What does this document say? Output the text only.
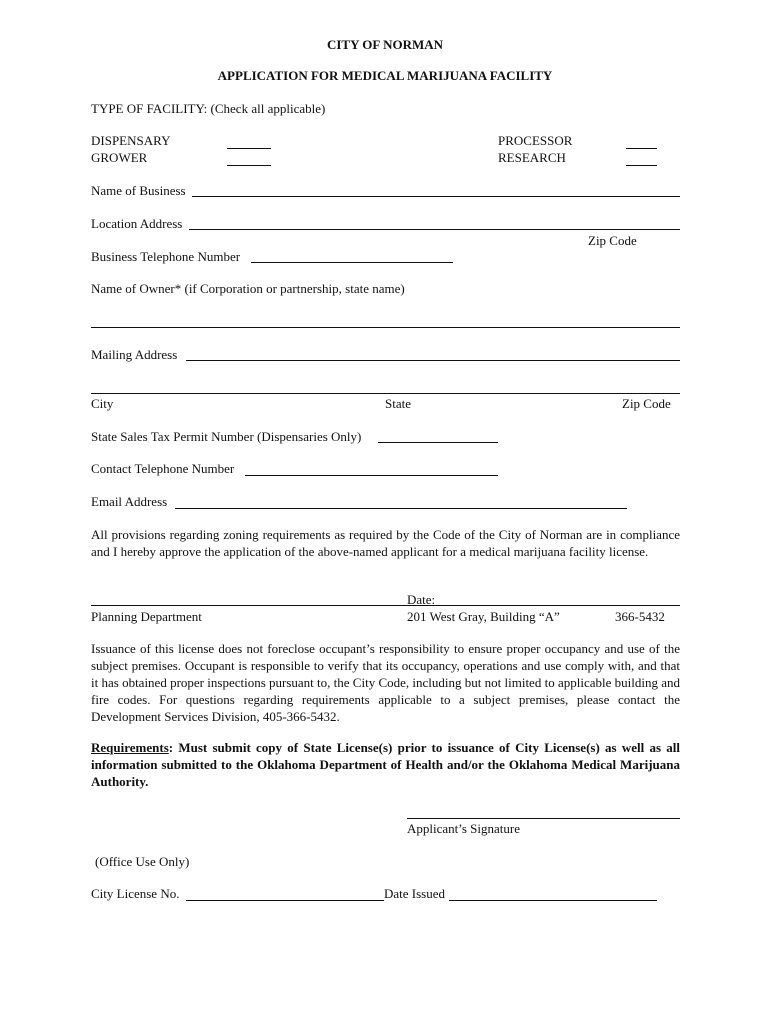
CITY OF NORMAN
APPLICATION FOR MEDICAL MARIJUANA FACILITY
TYPE OF FACILITY: (Check all applicable)
DISPENSARY
GROWER
PROCESSOR
RESEARCH
Name of Business
Location Address
Zip Code
Business Telephone Number
Name of Owner* (if Corporation or partnership, state name)
Mailing Address
City	State	Zip Code
State Sales Tax Permit Number (Dispensaries Only)
Contact Telephone Number
Email Address
All provisions regarding zoning requirements as required by the Code of the City of Norman are in compliance and I hereby approve the application of the above-named applicant for a medical marijuana facility license.
Date:
Planning Department	201 West Gray, Building “A”	366-5432
Issuance of this license does not foreclose occupant’s responsibility to ensure proper occupancy and use of the subject premises. Occupant is responsible to verify that its occupancy, operations and use comply with, and that it has obtained proper inspections pursuant to, the City Code, including but not limited to applicable building and fire codes. For questions regarding requirements applicable to a subject premises, please contact the Development Services Division, 405-366-5432.
Requirements: Must submit copy of State License(s) prior to issuance of City License(s) as well as all information submitted to the Oklahoma Department of Health and/or the Oklahoma Medical Marijuana Authority.
Applicant’s Signature
(Office Use Only)
City License No.	Date Issued
